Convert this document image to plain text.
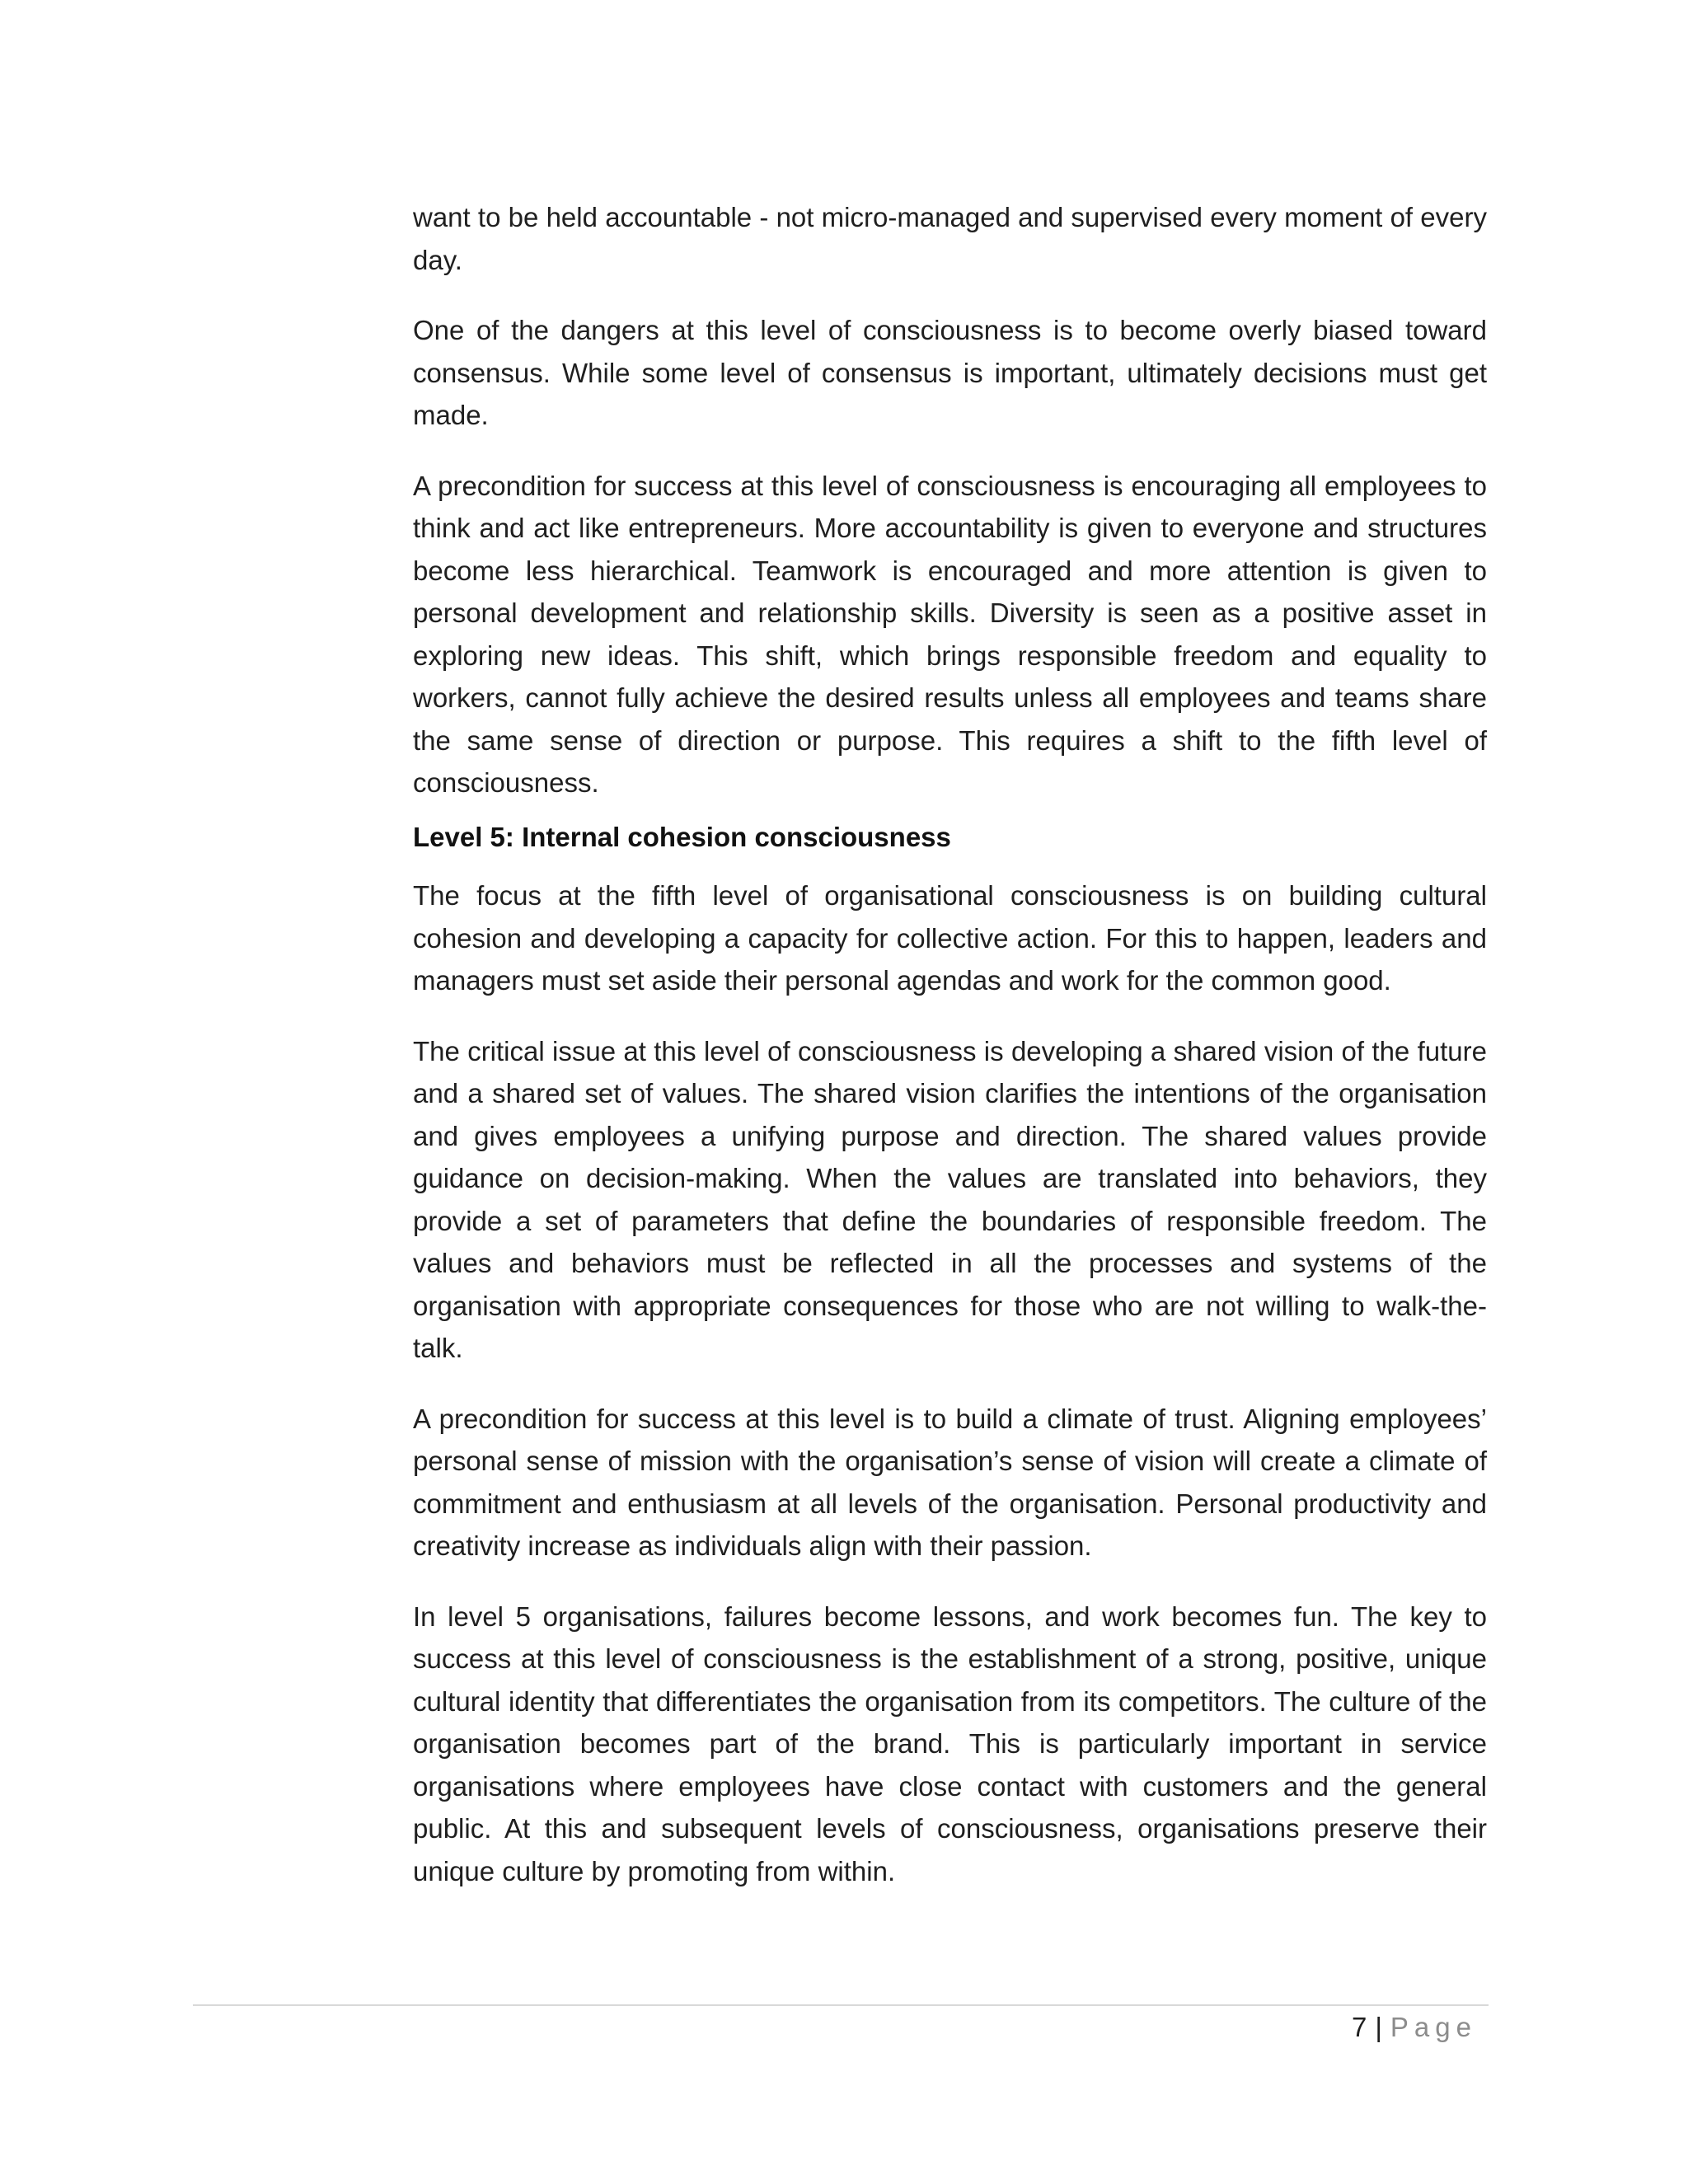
want to be held accountable - not micro-managed and supervised every moment of every day.

One of the dangers at this level of consciousness is to become overly biased toward consensus. While some level of consensus is important, ultimately decisions must get made.

A precondition for success at this level of consciousness is encouraging all employees to think and act like entrepreneurs. More accountability is given to everyone and structures become less hierarchical. Teamwork is encouraged and more attention is given to personal development and relationship skills. Diversity is seen as a positive asset in exploring new ideas. This shift, which brings responsible freedom and equality to workers, cannot fully achieve the desired results unless all employees and teams share the same sense of direction or purpose. This requires a shift to the fifth level of consciousness.

Level 5: Internal cohesion consciousness

The focus at the fifth level of organisational consciousness is on building cultural cohesion and developing a capacity for collective action. For this to happen, leaders and managers must set aside their personal agendas and work for the common good.

The critical issue at this level of consciousness is developing a shared vision of the future and a shared set of values. The shared vision clarifies the intentions of the organisation and gives employees a unifying purpose and direction. The shared values provide guidance on decision-making. When the values are translated into behaviors, they provide a set of parameters that define the boundaries of responsible freedom. The values and behaviors must be reflected in all the processes and systems of the organisation with appropriate consequences for those who are not willing to walk-the-talk.

A precondition for success at this level is to build a climate of trust. Aligning employees’ personal sense of mission with the organisation’s sense of vision will create a climate of commitment and enthusiasm at all levels of the organisation. Personal productivity and creativity increase as individuals align with their passion.

In level 5 organisations, failures become lessons, and work becomes fun. The key to success at this level of consciousness is the establishment of a strong, positive, unique cultural identity that differentiates the organisation from its competitors. The culture of the organisation becomes part of the brand. This is particularly important in service organisations where employees have close contact with customers and the general public. At this and subsequent levels of consciousness, organisations preserve their unique culture by promoting from within.

7 | Page
